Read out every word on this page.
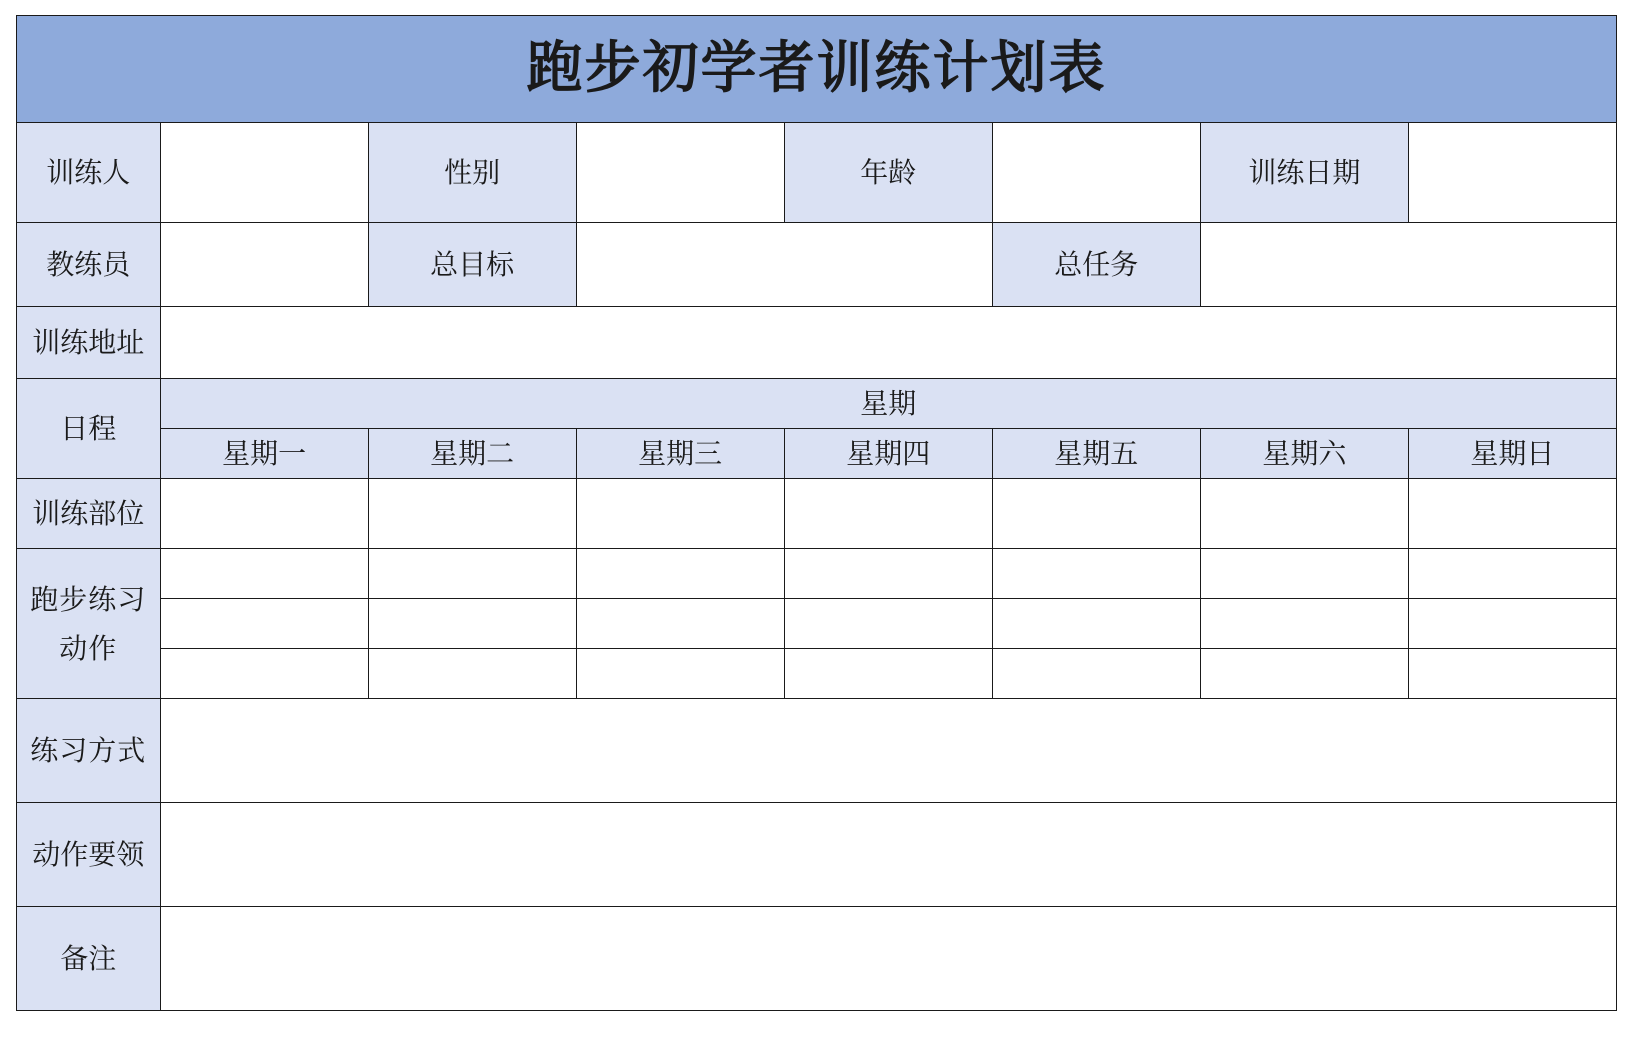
跑步初学者训练计划表							
训练人		性别		年龄		训练日期	
教练员		总目标			总任务		
训练地址							
日程	星期						
	星期一	星期二	星期三	星期四	星期五	星期六	星期日
训练部位							

跑步练习
动作							

练习方式							
动作要领							
备注							
